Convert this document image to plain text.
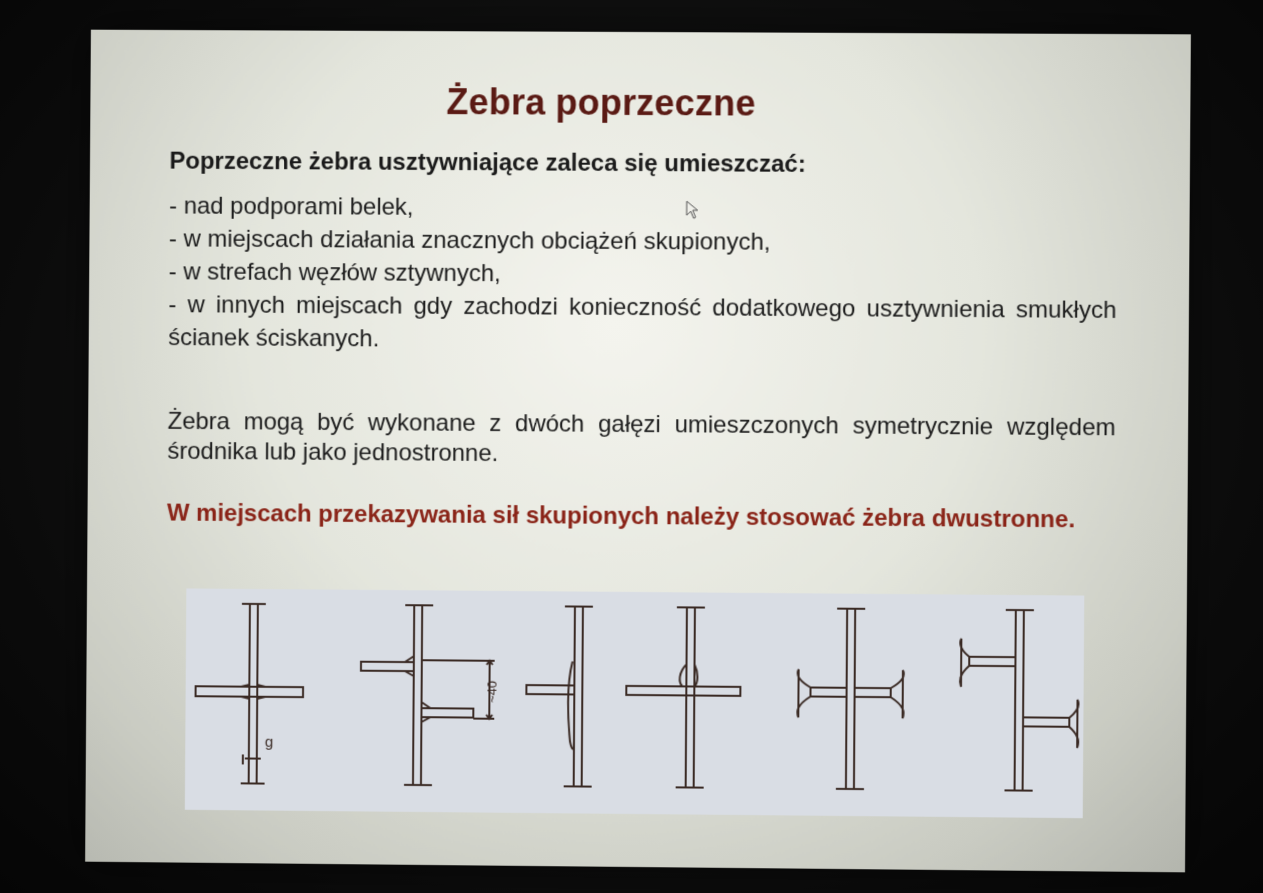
Żebra poprzeczne
Poprzeczne żebra usztywniające zaleca się umieszczać:
- nad podporami belek,
- w miejscach działania znacznych obciążeń skupionych,
- w strefach węzłów sztywnych,
- w innych miejscach gdy zachodzi konieczność dodatkowego usztywnienia smukłych ścianek ściskanych.
Żebra mogą być wykonane z dwóch gałęzi umieszczonych symetrycznie względem środnika lub jako jednostronne.
W miejscach przekazywania sił skupionych należy stosować żebra dwustronne.
g
~40
